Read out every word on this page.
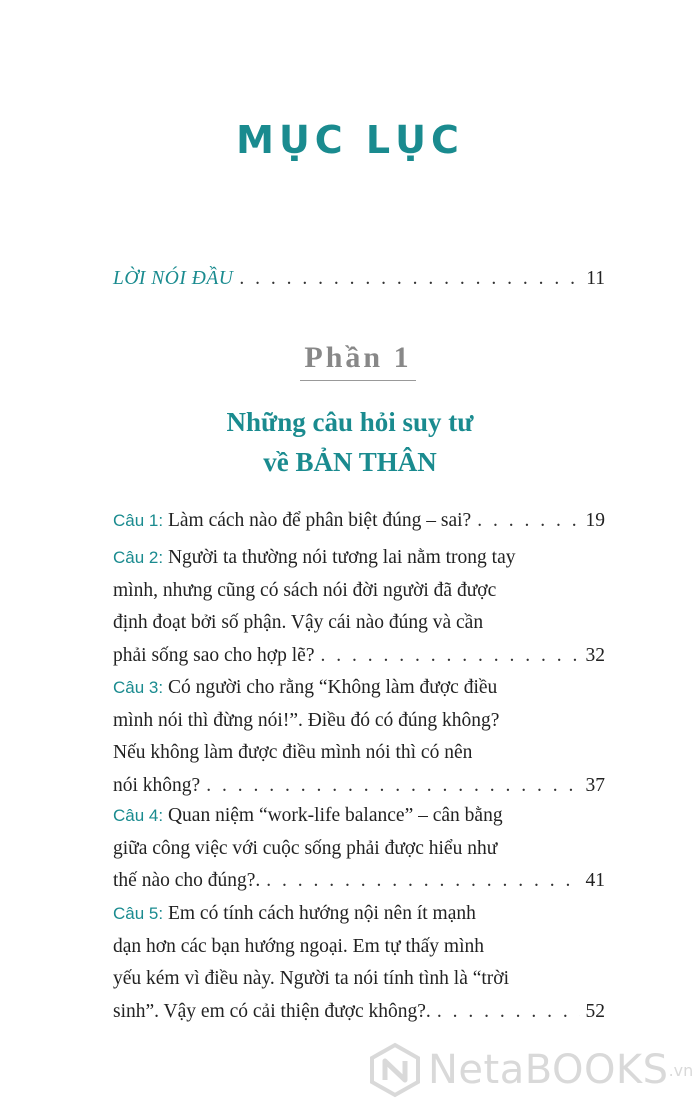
MỤC LỤC
LỜI NÓI ĐẦU . . .	11
Phần 1
Những câu hỏi suy tư
về BẢN THÂN
Câu 1: Làm cách nào để phân biệt đúng – sai? . . .	19
Câu 2: Người ta thường nói tương lai nằm trong tay
mình, nhưng cũng có sách nói đời người đã được
định đoạt bởi số phận. Vậy cái nào đúng và cần
phải sống sao cho hợp lẽ? . . .	32
Câu 3: Có người cho rằng “Không làm được điều
mình nói thì đừng nói!”. Điều đó có đúng không?
Nếu không làm được điều mình nói thì có nên
nói không? . . .	37
Câu 4: Quan niệm “work-life balance” – cân bằng
giữa công việc với cuộc sống phải được hiểu như
thế nào cho đúng?. . . .	41
Câu 5: Em có tính cách hướng nội nên ít mạnh
dạn hơn các bạn hướng ngoại. Em tự thấy mình
yếu kém vì điều này. Người ta nói tính tình là “trời
sinh”. Vậy em có cải thiện được không?. . . .	52
NetaBOOKS .vn
